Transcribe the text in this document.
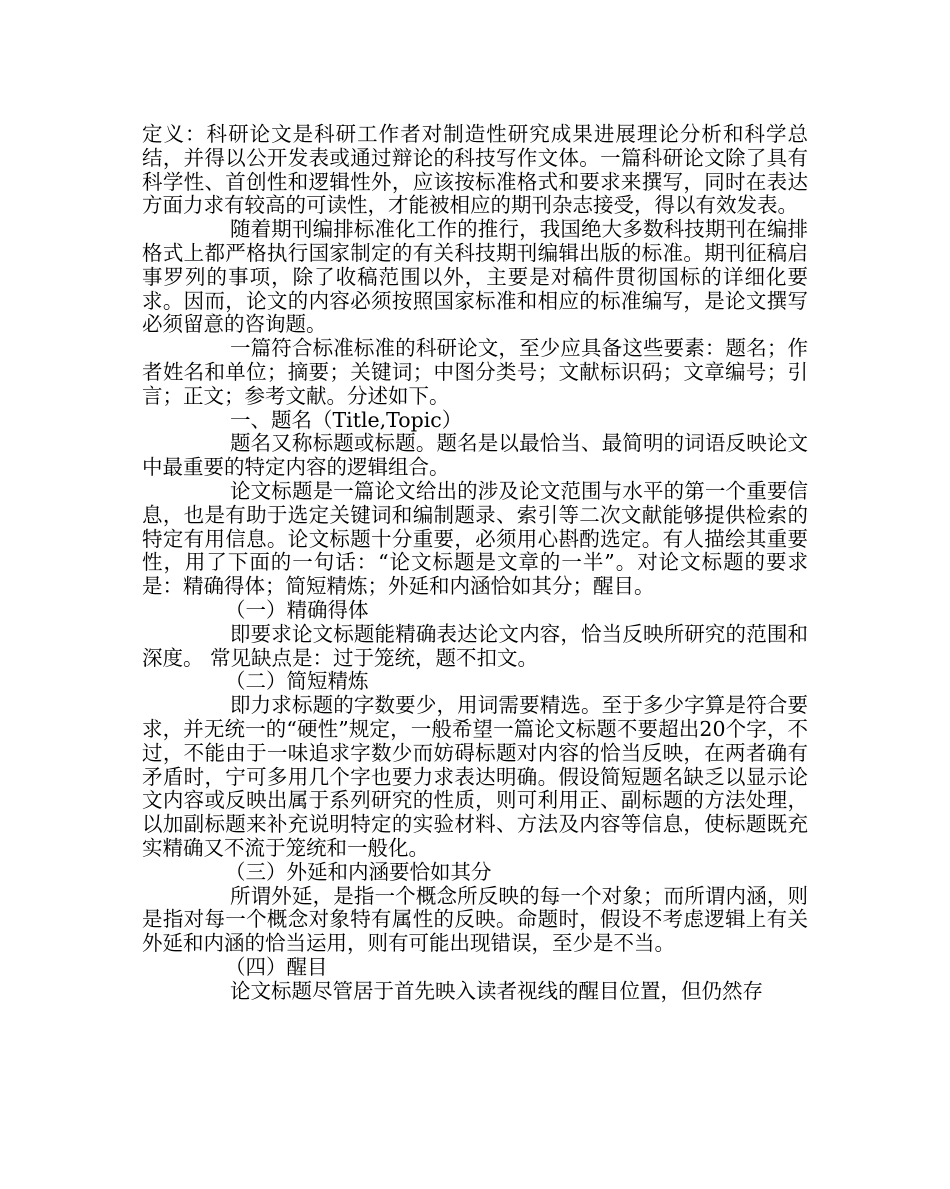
定义：科研论文是科研工作者对制造性研究成果进展理论分析和科学总结，并得以公开发表或通过辩论的科技写作文体。一篇科研论文除了具有科学性、首创性和逻辑性外，应该按标准格式和要求来撰写，同时在表达方面力求有较高的可读性，才能被相应的期刊杂志接受，得以有效发表。

随着期刊编排标准化工作的推行，我国绝大多数科技期刊在编排格式上都严格执行国家制定的有关科技期刊编辑出版的标准。期刊征稿启事罗列的事项，除了收稿范围以外，主要是对稿件贯彻国标的详细化要求。因而，论文的内容必须按照国家标准和相应的标准编写，是论文撰写必须留意的咨询题。

一篇符合标准标准的科研论文，至少应具备这些要素：题名；作者姓名和单位；摘要；关键词；中图分类号；文献标识码；文章编号；引言；正文；参考文献。分述如下。

一、题名（Title,Topic）

题名又称标题或标题。题名是以最恰当、最简明的词语反映论文中最重要的特定内容的逻辑组合。

论文标题是一篇论文给出的涉及论文范围与水平的第一个重要信息，也是有助于选定关键词和编制题录、索引等二次文献能够提供检索的特定有用信息。论文标题十分重要，必须用心斟酌选定。有人描绘其重要性，用了下面的一句话：“论文标题是文章的一半”。对论文标题的要求是：精确得体；简短精炼；外延和内涵恰如其分；醒目。

（一）精确得体

即要求论文标题能精确表达论文内容，恰当反映所研究的范围和深度。 常见缺点是：过于笼统，题不扣文。

（二）简短精炼

即力求标题的字数要少，用词需要精选。至于多少字算是符合要求，并无统一的“硬性”规定，一般希望一篇论文标题不要超出20个字，不过，不能由于一味追求字数少而妨碍标题对内容的恰当反映，在两者确有矛盾时，宁可多用几个字也要力求表达明确。假设简短题名缺乏以显示论文内容或反映出属于系列研究的性质，则可利用正、副标题的方法处理，以加副标题来补充说明特定的实验材料、方法及内容等信息，使标题既充实精确又不流于笼统和一般化。

（三）外延和内涵要恰如其分

所谓外延，是指一个概念所反映的每一个对象；而所谓内涵，则是指对每一个概念对象特有属性的反映。命题时，假设不考虑逻辑上有关外延和内涵的恰当运用，则有可能出现错误，至少是不当。

（四）醒目

论文标题尽管居于首先映入读者视线的醒目位置，但仍然存
